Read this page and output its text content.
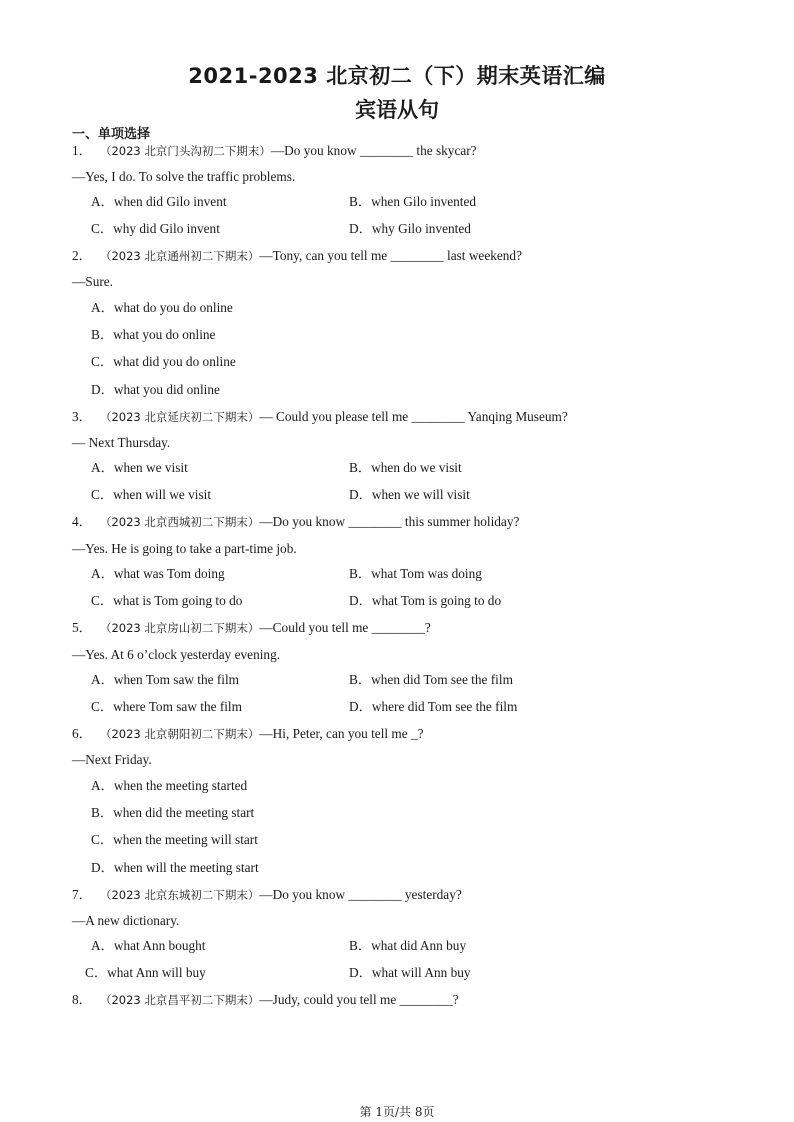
2021-2023 北京初二（下）期末英语汇编
宾语从句
一、单项选择
1． （2023 北京门头沟初二下期末）—Do you know ________ the skycar?
—Yes, I do. To solve the traffic problems.
A．when did Gilo invent	B．when Gilo invented
C．why did Gilo invent	D．why Gilo invented
2． （2023 北京通州初二下期末）—Tony, can you tell me ________ last weekend?
—Sure.
A．what do you do online
B．what you do online
C．what did you do online
D．what you did online
3． （2023 北京延庆初二下期末）— Could you please tell me ________ Yanqing Museum?
— Next Thursday.
A．when we visit	B．when do we visit
C．when will we visit	D．when we will visit
4． （2023 北京西城初二下期末）—Do you know ________ this summer holiday?
—Yes. He is going to take a part-time job.
A．what was Tom doing	B．what Tom was doing
C．what is Tom going to do	D．what Tom is going to do
5． （2023 北京房山初二下期末）—Could you tell me ________?
—Yes. At 6 o’clock yesterday evening.
A．when Tom saw the film	B．when did Tom see the film
C．where Tom saw the film	D．where did Tom see the film
6． （2023 北京朝阳初二下期末）—Hi, Peter, can you tell me _?
—Next Friday.
A．when the meeting started
B．when did the meeting start
C．when the meeting will start
D．when will the meeting start
7． （2023 北京东城初二下期末）—Do you know ________ yesterday?
—A new dictionary.
A．what Ann bought	B．what did Ann buy
C．what Ann will buy	D．what will Ann buy
8． （2023 北京昌平初二下期末）—Judy, could you tell me ________?
第 1页/共 8页
